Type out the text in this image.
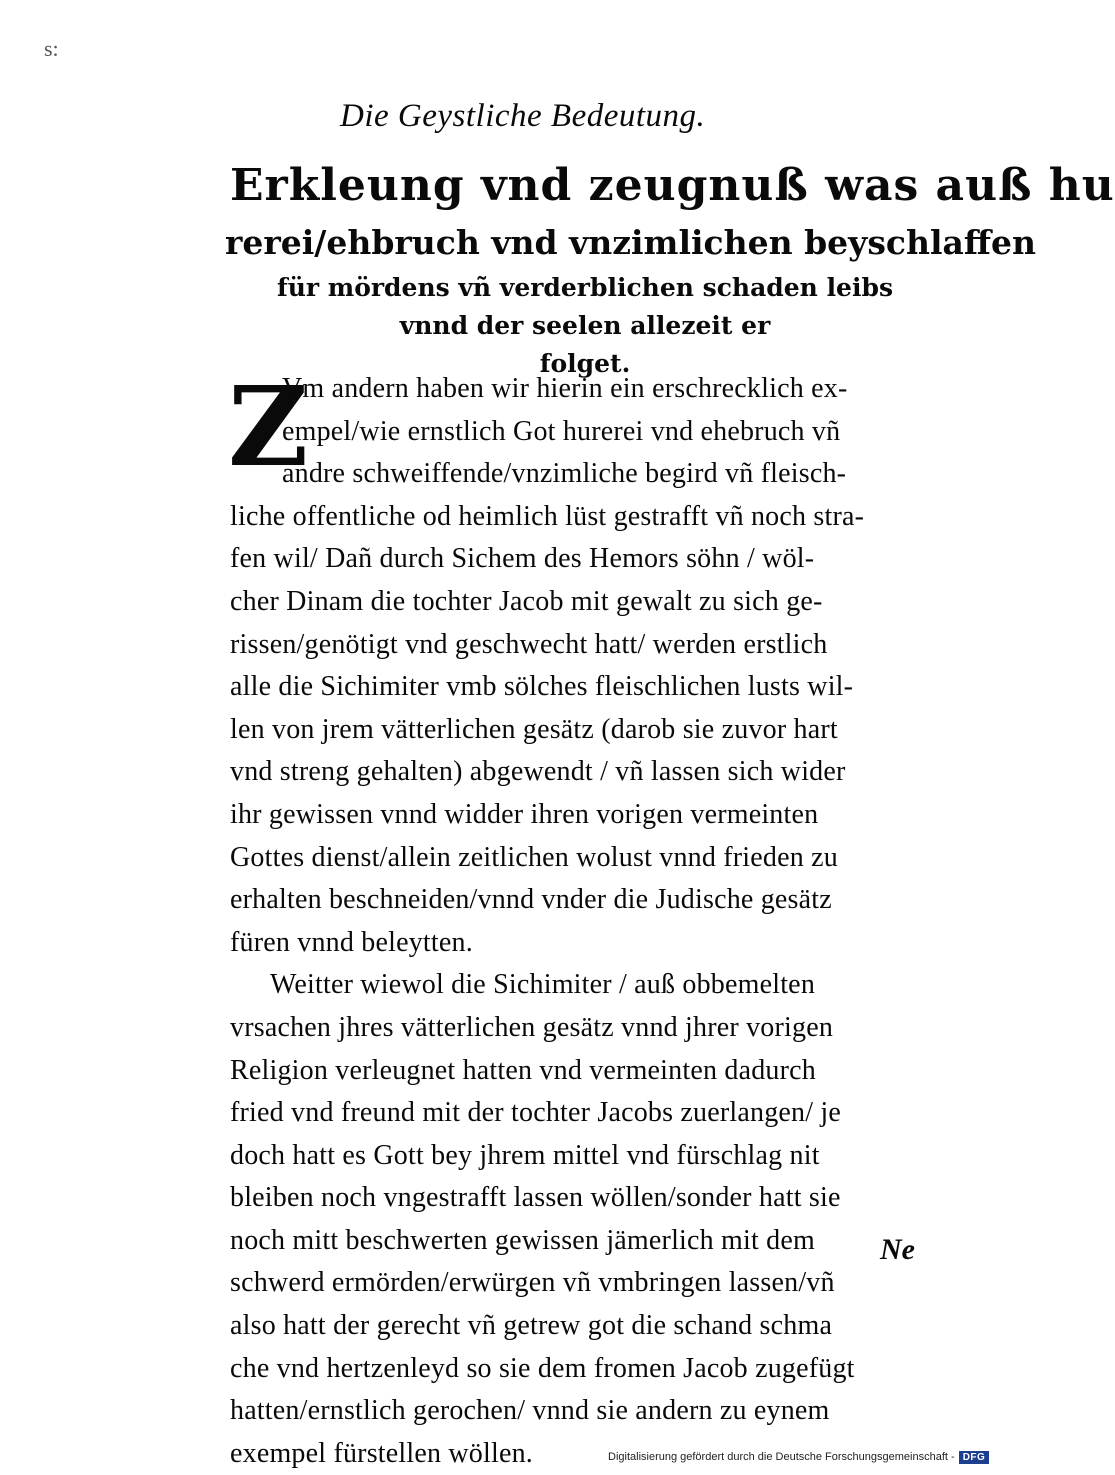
s:
Die Geystliche Bedeutung.
Erkleung vnd zeugnuß was auß hu
rerei/ehbruch vnd vnzimlichen beyschlaffen
für mördens vñ verderblichen schaden leibs
vnnd der seelen allezeit er
folget.
Z
Vm andern haben wir hierin ein erschrecklich ex-
empel/wie ernstlich Got hurerei vnd ehebruch vñ
andre schweiffende/vnzimliche begird vñ fleisch-
liche offentliche od heimlich lüst gestrafft vñ noch stra-
fen wil/ Dañ durch Sichem des Hemors söhn / wöl-
cher Dinam die tochter Jacob mit gewalt zu sich ge-
rissen/genötigt vnd geschwecht hatt/ werden erstlich
alle die Sichimiter vmb sölches fleischlichen lusts wil-
len von jrem vätterlichen gesätz (darob sie zuvor hart
vnd streng gehalten) abgewendt / vñ lassen sich wider
ihr gewissen vnnd widder ihren vorigen vermeinten
Gottes dienst/allein zeitlichen wolust vnnd frieden zu
erhalten beschneiden/vnnd vnder die Judische gesätz
füren vnnd beleytten.
Weitter wiewol die Sichimiter / auß obbemelten
vrsachen jhres vätterlichen gesätz vnnd jhrer vorigen
Religion verleugnet hatten vnd vermeinten dadurch
fried vnd freund mit der tochter Jacobs zuerlangen/ je
doch hatt es Gott bey jhrem mittel vnd fürschlag nit
bleiben noch vngestrafft lassen wöllen/sonder hatt sie
noch mitt beschwerten gewissen jämerlich mit dem
schwerd ermörden/erwürgen vñ vmbringen lassen/vñ
also hatt der gerecht vñ getrew got die schand schma
che vnd hertzenleyd so sie dem fromen Jacob zugefügt
hatten/ernstlich gerochen/ vnnd sie andern zu eynem
exempel fürstellen wöllen.
Ne
Digitalisierung gefördert durch die Deutsche Forschungsgemeinschaft - DFG
